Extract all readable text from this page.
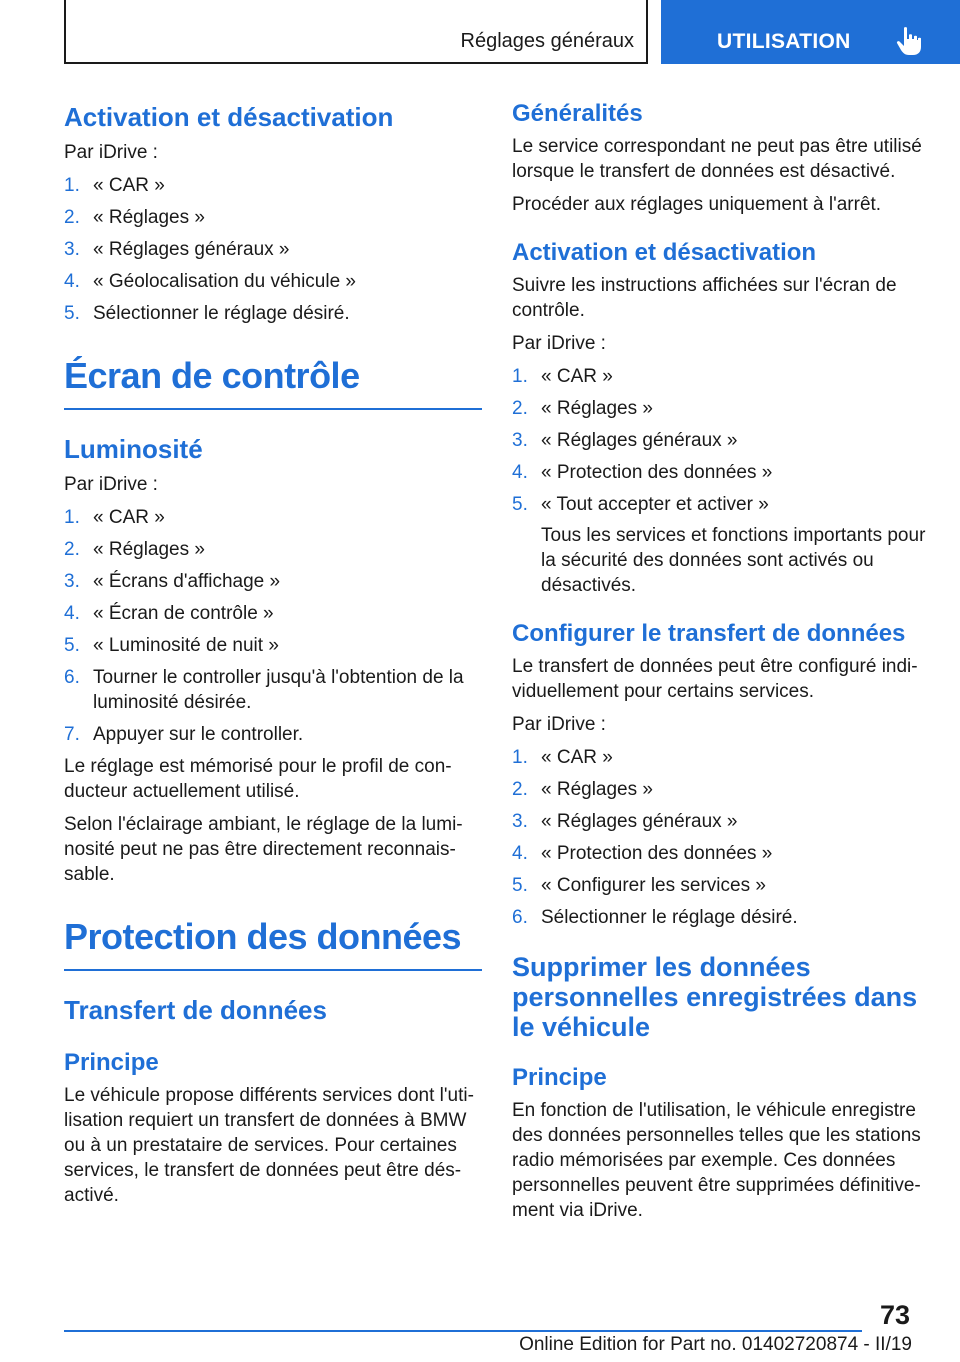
Réglages généraux	UTILISATION
Activation et désactivation

Par iDrive :

1. « CAR »
2. « Réglages »
3. « Réglages généraux »
4. « Géolocalisation du véhicule »
5. Sélectionner le réglage désiré.
Écran de contrôle
Luminosité

Par iDrive :

1. « CAR »
2. « Réglages »
3. « Écrans d'affichage »
4. « Écran de contrôle »
5. « Luminosité de nuit »
6. Tourner le controller jusqu'à l'obtention de la luminosité désirée.
7. Appuyer sur le controller.

Le réglage est mémorisé pour le profil de con‐ducteur actuellement utilisé.

Selon l'éclairage ambiant, le réglage de la lumi‐nosité peut ne pas être directement reconnais‐sable.

Protection des données
Transfert de données
Principe

Le véhicule propose différents services dont l'uti‐lisation requiert un transfert de données à BMW ou à un prestataire de services. Pour certaines services, le transfert de données peut être dés‐activé.

Généralités

Le service correspondant ne peut pas être utilisé lorsque le transfert de données est désactivé.

Procéder aux réglages uniquement à l'arrêt.

Activation et désactivation

Suivre les instructions affichées sur l'écran de contrôle.

Par iDrive :

1. « CAR »
2. « Réglages »
3. « Réglages généraux »
4. « Protection des données »
5. « Tout accepter et activer »
Tous les services et fonctions importants pour la sécurité des données sont activés ou désactivés.
Configurer le transfert de données

Le transfert de données peut être configuré indi‐viduellement pour certains services.

Par iDrive :

1. « CAR »
2. « Réglages »
3. « Réglages généraux »
4. « Protection des données »
5. « Configurer les services »
6. Sélectionner le réglage désiré.
Supprimer les données personnelles enregistrées dans le véhicule
Principe

En fonction de l'utilisation, le véhicule enregistre des données personnelles telles que les stations radio mémorisées par exemple. Ces données personnelles peuvent être supprimées définitive‐ment via iDrive.

73
Online Edition for Part no. 01402720874 - II/19
